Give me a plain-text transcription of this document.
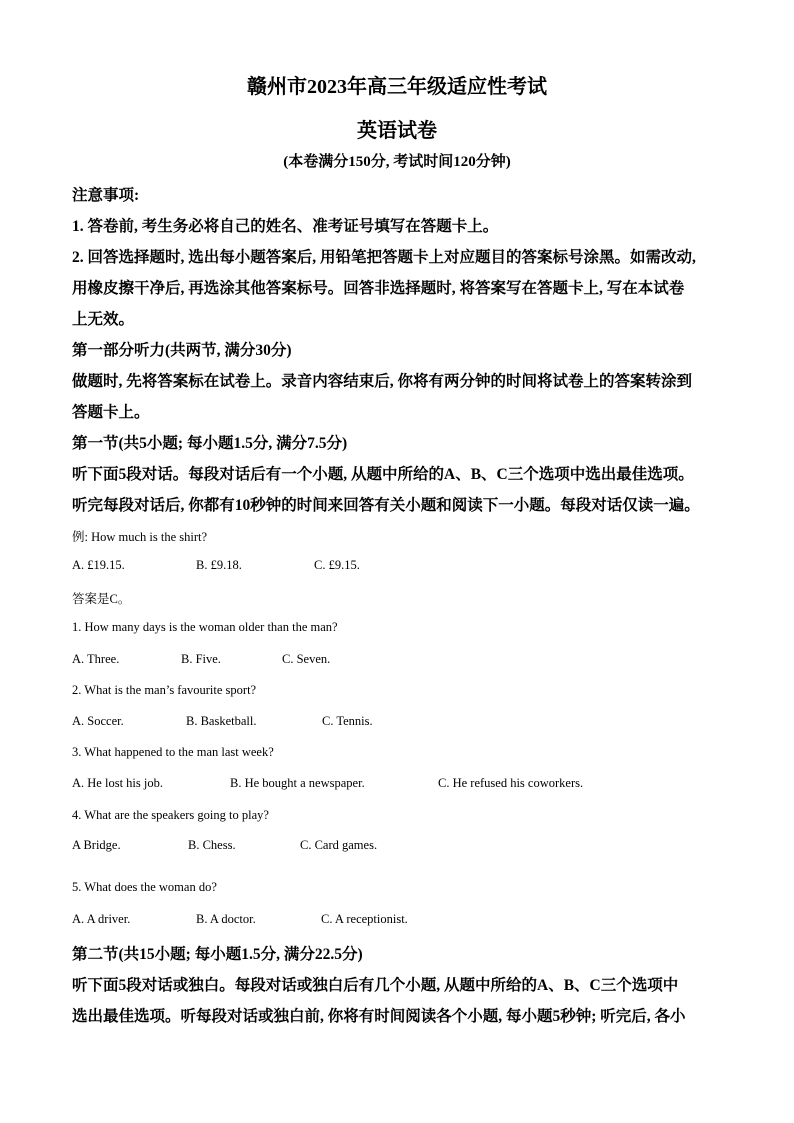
赣州市2023年高三年级适应性考试
英语试卷
(本卷满分150分, 考试时间120分钟)
注意事项:
1. 答卷前, 考生务必将自己的姓名、准考证号填写在答题卡上。
2. 回答选择题时, 选出每小题答案后, 用铅笔把答题卡上对应题目的答案标号涂黑。如需改动,
用橡皮擦干净后, 再选涂其他答案标号。回答非选择题时, 将答案写在答题卡上, 写在本试卷
上无效。
第一部分听力(共两节, 满分30分)
做题时, 先将答案标在试卷上。录音内容结束后, 你将有两分钟的时间将试卷上的答案转涂到
答题卡上。
第一节(共5小题; 每小题1.5分, 满分7.5分)
听下面5段对话。每段对话后有一个小题, 从题中所给的A、B、C三个选项中选出最佳选项。
听完每段对话后, 你都有10秒钟的时间来回答有关小题和阅读下一小题。每段对话仅读一遍。
例: How much is the shirt?
A. £19.15.	B. £9.18.	C. £9.15.
答案是C。
1. How many days is the woman older than the man?
A. Three.	B. Five.	C. Seven.
2. What is the man’s favourite sport?
A. Soccer.	B. Basketball.	C. Tennis.
3. What happened to the man last week?
A. He lost his job.	B. He bought a newspaper.	C. He refused his coworkers.
4. What are the speakers going to play?
A Bridge.	B. Chess.	C. Card games.
5. What does the woman do?
A. A driver.	B. A doctor.	C. A receptionist.
第二节(共15小题; 每小题1.5分, 满分22.5分)
听下面5段对话或独白。每段对话或独白后有几个小题, 从题中所给的A、B、C三个选项中
选出最佳选项。听每段对话或独白前, 你将有时间阅读各个小题, 每小题5秒钟; 听完后, 各小
